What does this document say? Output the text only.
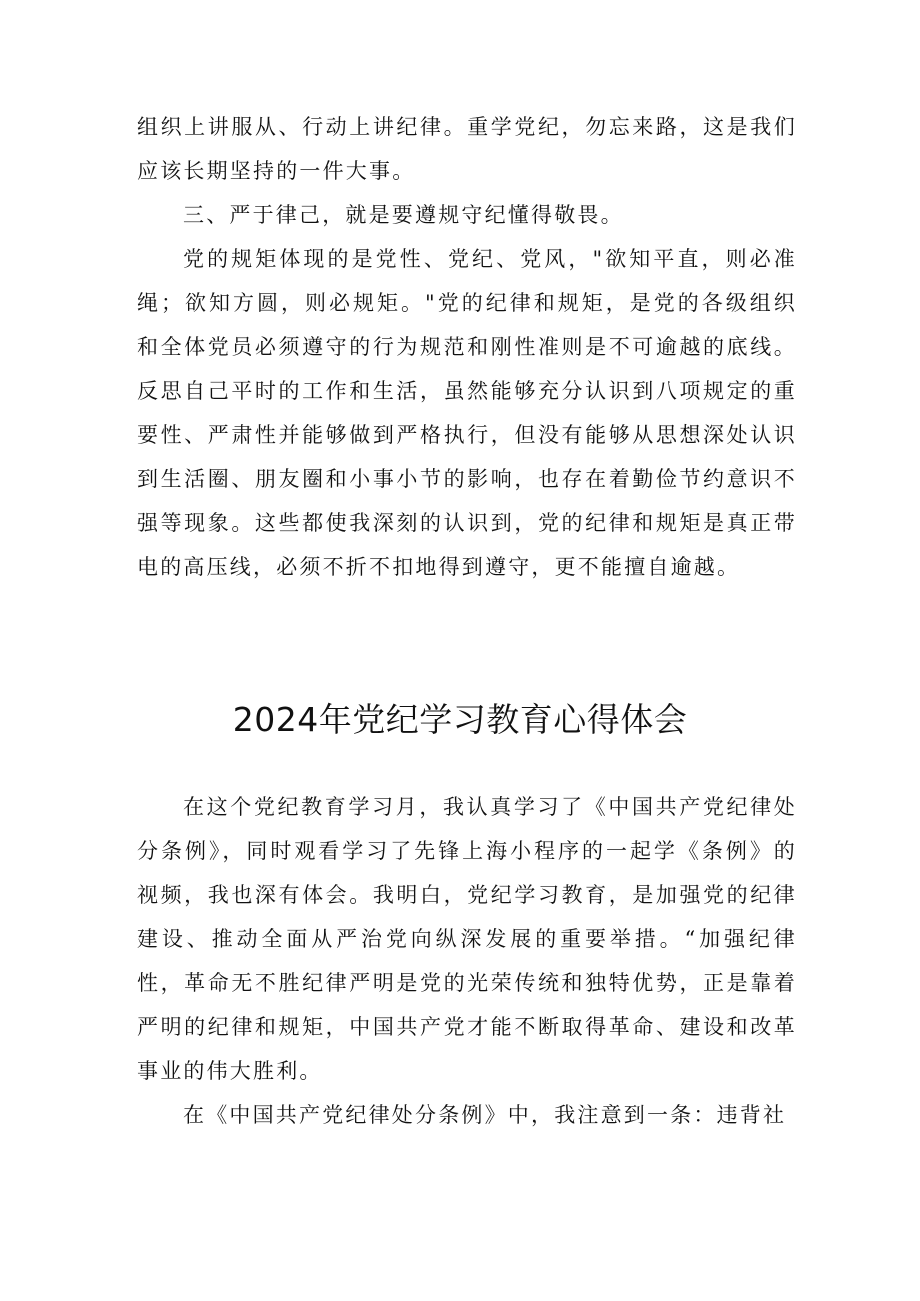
组织上讲服从、行动上讲纪律。重学党纪，勿忘来路，这是我们应该长期坚持的一件大事。

三、严于律己，就是要遵规守纪懂得敬畏。

党的规矩体现的是党性、党纪、党风，"欲知平直，则必准绳；欲知方圆，则必规矩。"党的纪律和规矩，是党的各级组织和全体党员必须遵守的行为规范和刚性准则是不可逾越的底线。反思自己平时的工作和生活，虽然能够充分认识到八项规定的重要性、严肃性并能够做到严格执行，但没有能够从思想深处认识到生活圈、朋友圈和小事小节的影响，也存在着勤俭节约意识不强等现象。这些都使我深刻的认识到，党的纪律和规矩是真正带电的高压线，必须不折不扣地得到遵守，更不能擅自逾越。

2024年党纪学习教育心得体会

在这个党纪教育学习月，我认真学习了《中国共产党纪律处分条例》，同时观看学习了先锋上海小程序的一起学《条例》的视频，我也深有体会。我明白，党纪学习教育，是加强党的纪律建设、推动全面从严治党向纵深发展的重要举措。“加强纪律性，革命无不胜纪律严明是党的光荣传统和独特优势，正是靠着严明的纪律和规矩，中国共产党才能不断取得革命、建设和改革事业的伟大胜利。

在《中国共产党纪律处分条例》中，我注意到一条：违背社
